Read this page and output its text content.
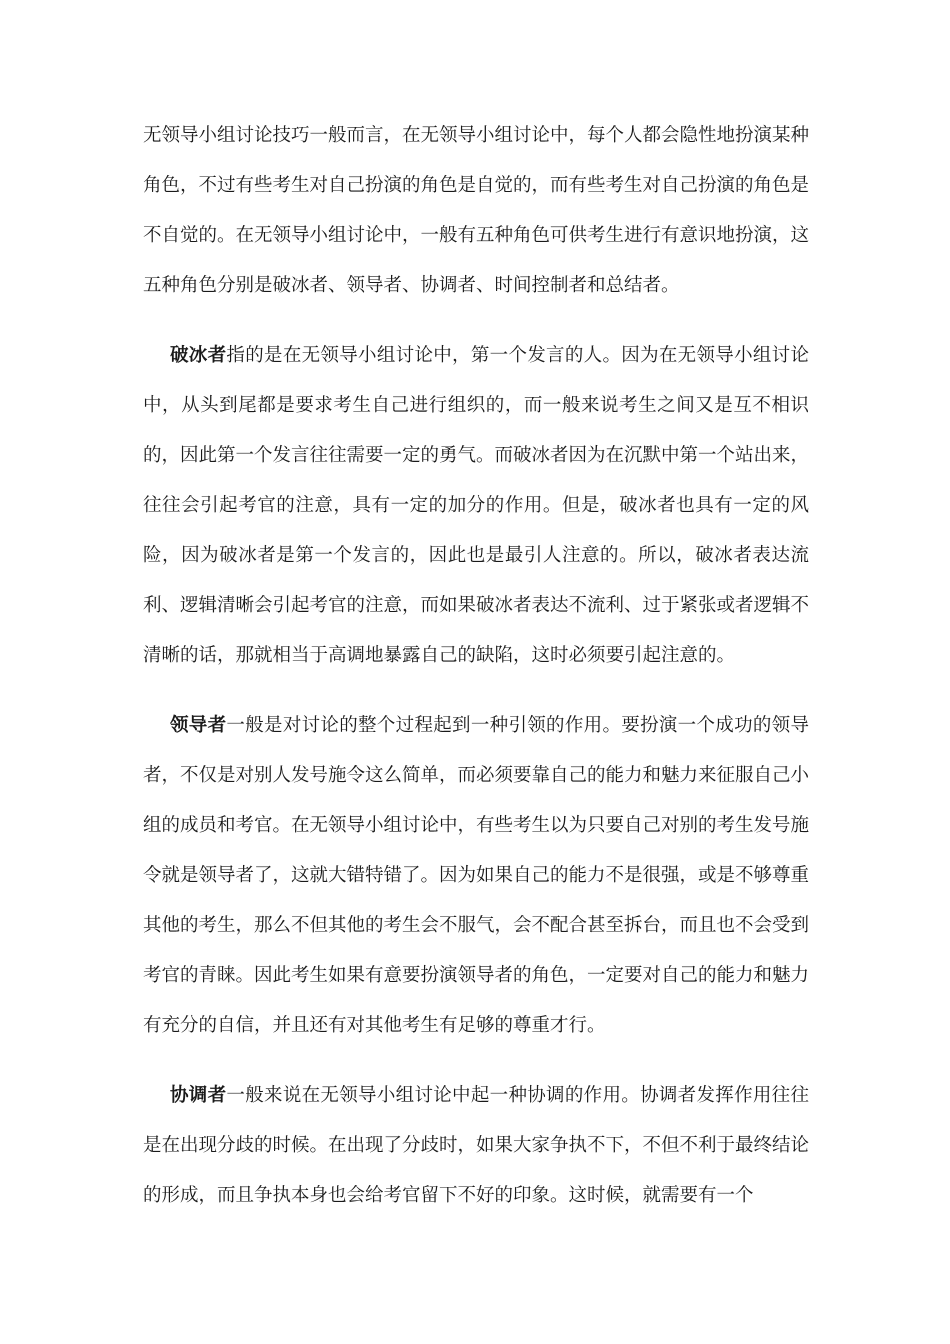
无领导小组讨论技巧一般而言，在无领导小组讨论中，每个人都会隐性地扮演某种角色，不过有些考生对自己扮演的角色是自觉的，而有些考生对自己扮演的角色是不自觉的。在无领导小组讨论中，一般有五种角色可供考生进行有意识地扮演，这五种角色分别是破冰者、领导者、协调者、时间控制者和总结者。

破冰者指的是在无领导小组讨论中，第一个发言的人。因为在无领导小组讨论中，从头到尾都是要求考生自己进行组织的，而一般来说考生之间又是互不相识的，因此第一个发言往往需要一定的勇气。而破冰者因为在沉默中第一个站出来，往往会引起考官的注意，具有一定的加分的作用。但是，破冰者也具有一定的风险，因为破冰者是第一个发言的，因此也是最引人注意的。所以，破冰者表达流利、逻辑清晰会引起考官的注意，而如果破冰者表达不流利、过于紧张或者逻辑不清晰的话，那就相当于高调地暴露自己的缺陷，这时必须要引起注意的。

领导者一般是对讨论的整个过程起到一种引领的作用。要扮演一个成功的领导者，不仅是对别人发号施令这么简单，而必须要靠自己的能力和魅力来征服自己小组的成员和考官。在无领导小组讨论中，有些考生以为只要自己对别的考生发号施令就是领导者了，这就大错特错了。因为如果自己的能力不是很强，或是不够尊重其他的考生，那么不但其他的考生会不服气，会不配合甚至拆台，而且也不会受到考官的青睐。因此考生如果有意要扮演领导者的角色，一定要对自己的能力和魅力有充分的自信，并且还有对其他考生有足够的尊重才行。

协调者一般来说在无领导小组讨论中起一种协调的作用。协调者发挥作用往往是在出现分歧的时候。在出现了分歧时，如果大家争执不下，不但不利于最终结论的形成，而且争执本身也会给考官留下不好的印象。这时候，就需要有一个
